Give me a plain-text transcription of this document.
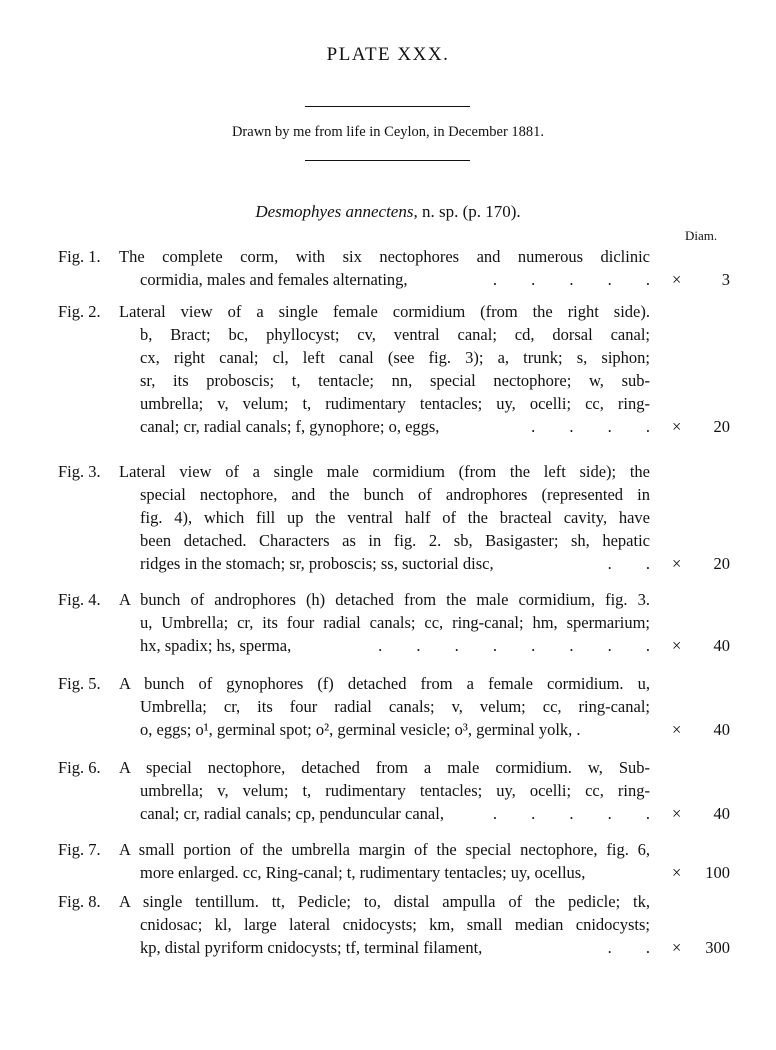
PLATE XXX.
Drawn by me from life in Ceylon, in December 1881.
Desmophyes annectens, n. sp. (p. 170).
Diam.
Fig. 1. The complete corm, with six nectophores and numerous diclinic
cormidia, males and females alternating,	. . . . . × 3
Fig. 2. Lateral view of a single female cormidium (from the right side).
b, Bract; bc, phyllocyst; cv, ventral canal; cd, dorsal canal;
cx, right canal; cl, left canal (see fig. 3); a, trunk; s, siphon;
sr, its proboscis; t, tentacle; nn, special nectophore; w, sub-
umbrella; v, velum; t, rudimentary tentacles; uy, ocelli; cc, ring-
canal; cr, radial canals; f, gynophore; o, eggs,	. . . . × 20
Fig. 3. Lateral view of a single male cormidium (from the left side); the
special nectophore, and the bunch of androphores (represented in
fig. 4), which fill up the ventral half of the bracteal cavity, have
been detached. Characters as in fig. 2. sb, Basigaster; sh, hepatic
ridges in the stomach; sr, proboscis; ss, suctorial disc,	. . × 20
Fig. 4. A bunch of androphores (h) detached from the male cormidium, fig. 3.
u, Umbrella; cr, its four radial canals; cc, ring-canal; hm, spermarium;
hx, spadix; hs, sperma,	. . . . . . . . × 40
Fig. 5. A bunch of gynophores (f) detached from a female cormidium. u,
Umbrella; cr, its four radial canals; v, velum; cc, ring-canal;
o, eggs; o¹, germinal spot; o², germinal vesicle; o³, germinal yolk, .	× 40
Fig. 6. A special nectophore, detached from a male cormidium. w, Sub-
umbrella; v, velum; t, rudimentary tentacles; uy, ocelli; cc, ring-
canal; cr, radial canals; cp, penduncular canal,	. . . . . × 40
Fig. 7. A small portion of the umbrella margin of the special nectophore, fig. 6,
more enlarged. cc, Ring-canal; t, rudimentary tentacles; uy, ocellus,	× 100
Fig. 8. A single tentillum. tt, Pedicle; to, distal ampulla of the pedicle; tk,
cnidosac; kl, large lateral cnidocysts; km, small median cnidocysts;
kp, distal pyriform cnidocysts; tf, terminal filament,	. . × 300
